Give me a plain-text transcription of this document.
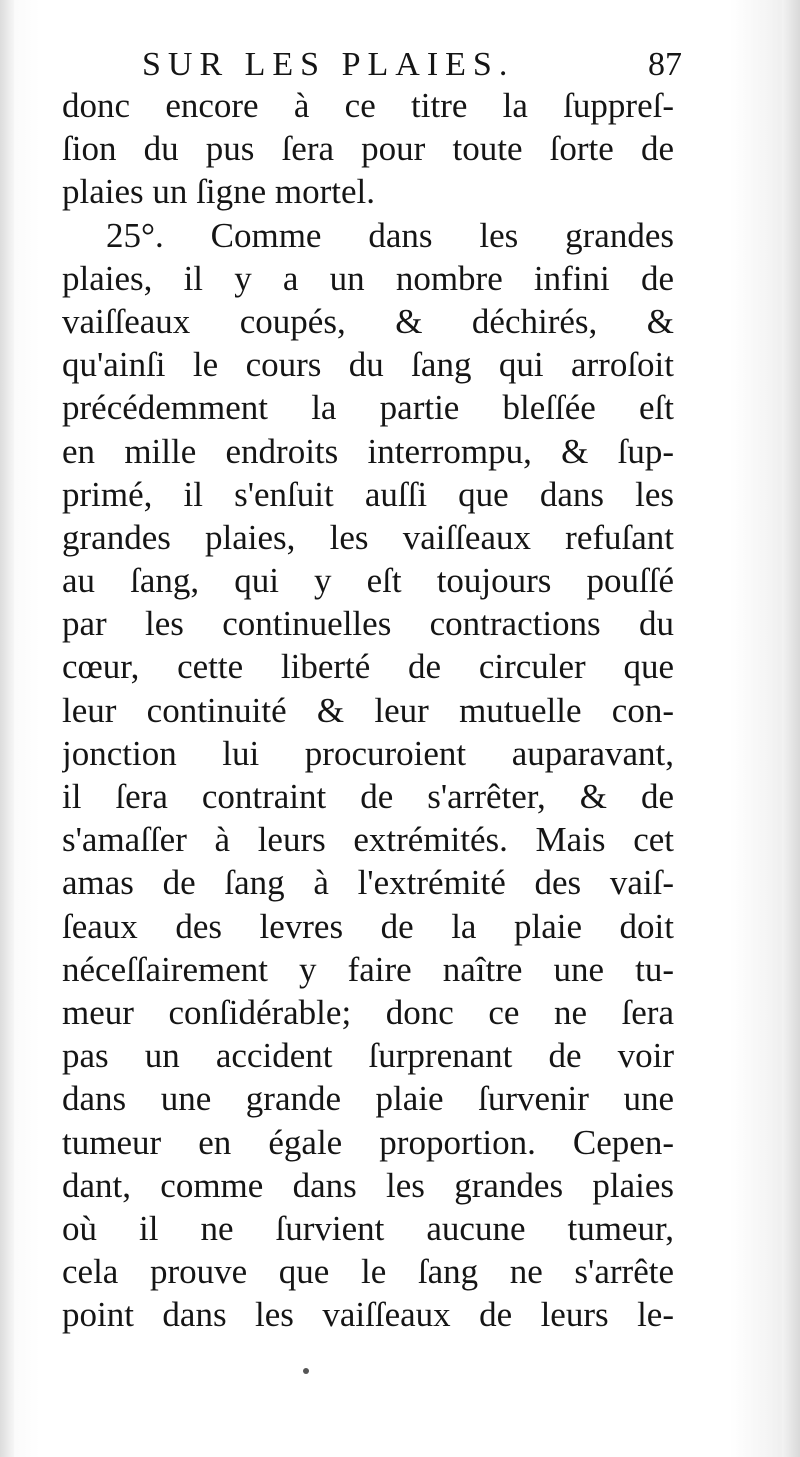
SUR LES PLAIES.	87
donc encore à ce titre la ſuppreſ-
ſion du pus ſera pour toute ſorte de
plaies un ſigne mortel.
25°. Comme dans les grandes
plaies, il y a un nombre infini de
vaiſſeaux coupés, & déchirés, &
qu'ainſi le cours du ſang qui arroſoit
précédemment la partie bleſſée eſt
en mille endroits interrompu, & ſup-
primé, il s'enſuit auſſi que dans les
grandes plaies, les vaiſſeaux refuſant
au ſang, qui y eſt toujours pouſſé
par les continuelles contractions du
cœur, cette liberté de circuler que
leur continuité & leur mutuelle con-
jonction lui procuroient auparavant,
il ſera contraint de s'arrêter, & de
s'amaſſer à leurs extrémités. Mais cet
amas de ſang à l'extrémité des vaiſ-
ſeaux des levres de la plaie doit
néceſſairement y faire naître une tu-
meur conſidérable; donc ce ne ſera
pas un accident ſurprenant de voir
dans une grande plaie ſurvenir une
tumeur en égale proportion. Cepen-
dant, comme dans les grandes plaies
où il ne ſurvient aucune tumeur,
cela prouve que le ſang ne s'arrête
point dans les vaiſſeaux de leurs le-
